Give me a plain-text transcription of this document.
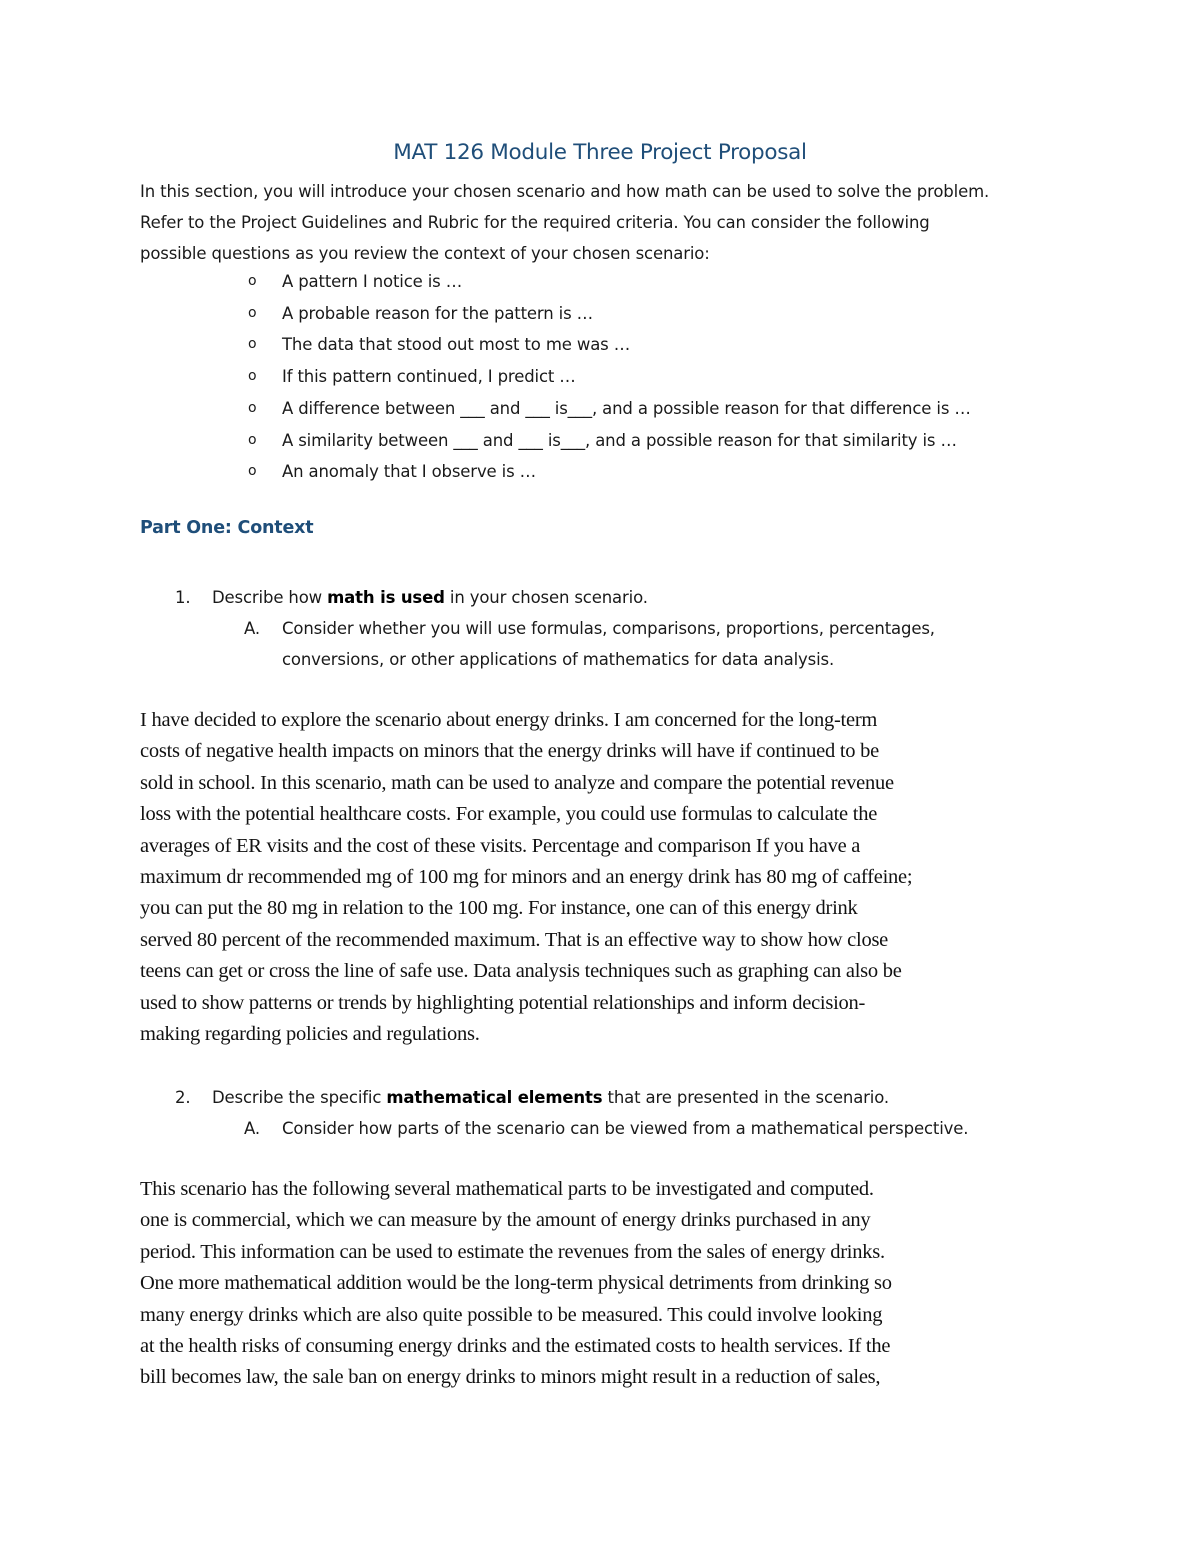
MAT 126 Module Three Project Proposal

In this section, you will introduce your chosen scenario and how math can be used to solve the problem.

Refer to the Project Guidelines and Rubric for the required criteria. You can consider the following

possible questions as you review the context of your chosen scenario:

o A pattern I notice is …
o A probable reason for the pattern is …
o The data that stood out most to me was …
o If this pattern continued, I predict …
o A difference between ___ and ___ is___, and a possible reason for that difference is …
o A similarity between ___ and ___ is___, and a possible reason for that similarity is …
o An anomaly that I observe is …
Part One: Context
1. Describe how math is used in your chosen scenario.
A. Consider whether you will use formulas, comparisons, proportions, percentages,
conversions, or other applications of mathematics for data analysis.
I have decided to explore the scenario about energy drinks. I am concerned for the long-term
costs of negative health impacts on minors that the energy drinks will have if continued to be
sold in school. In this scenario, math can be used to analyze and compare the potential revenue
loss with the potential healthcare costs. For example, you could use formulas to calculate the
averages of ER visits and the cost of these visits. Percentage and comparison If you have a
maximum dr recommended mg of 100 mg for minors and an energy drink has 80 mg of caffeine;
you can put the 80 mg in relation to the 100 mg. For instance, one can of this energy drink
served 80 percent of the recommended maximum. That is an effective way to show how close
teens can get or cross the line of safe use. Data analysis techniques such as graphing can also be
used to show patterns or trends by highlighting potential relationships and inform decision-
making regarding policies and regulations.
2. Describe the specific mathematical elements that are presented in the scenario.
A. Consider how parts of the scenario can be viewed from a mathematical perspective.
This scenario has the following several mathematical parts to be investigated and computed.
one is commercial, which we can measure by the amount of energy drinks purchased in any
period. This information can be used to estimate the revenues from the sales of energy drinks.
One more mathematical addition would be the long-term physical detriments from drinking so
many energy drinks which are also quite possible to be measured. This could involve looking
at the health risks of consuming energy drinks and the estimated costs to health services. If the
bill becomes law, the sale ban on energy drinks to minors might result in a reduction of sales,
